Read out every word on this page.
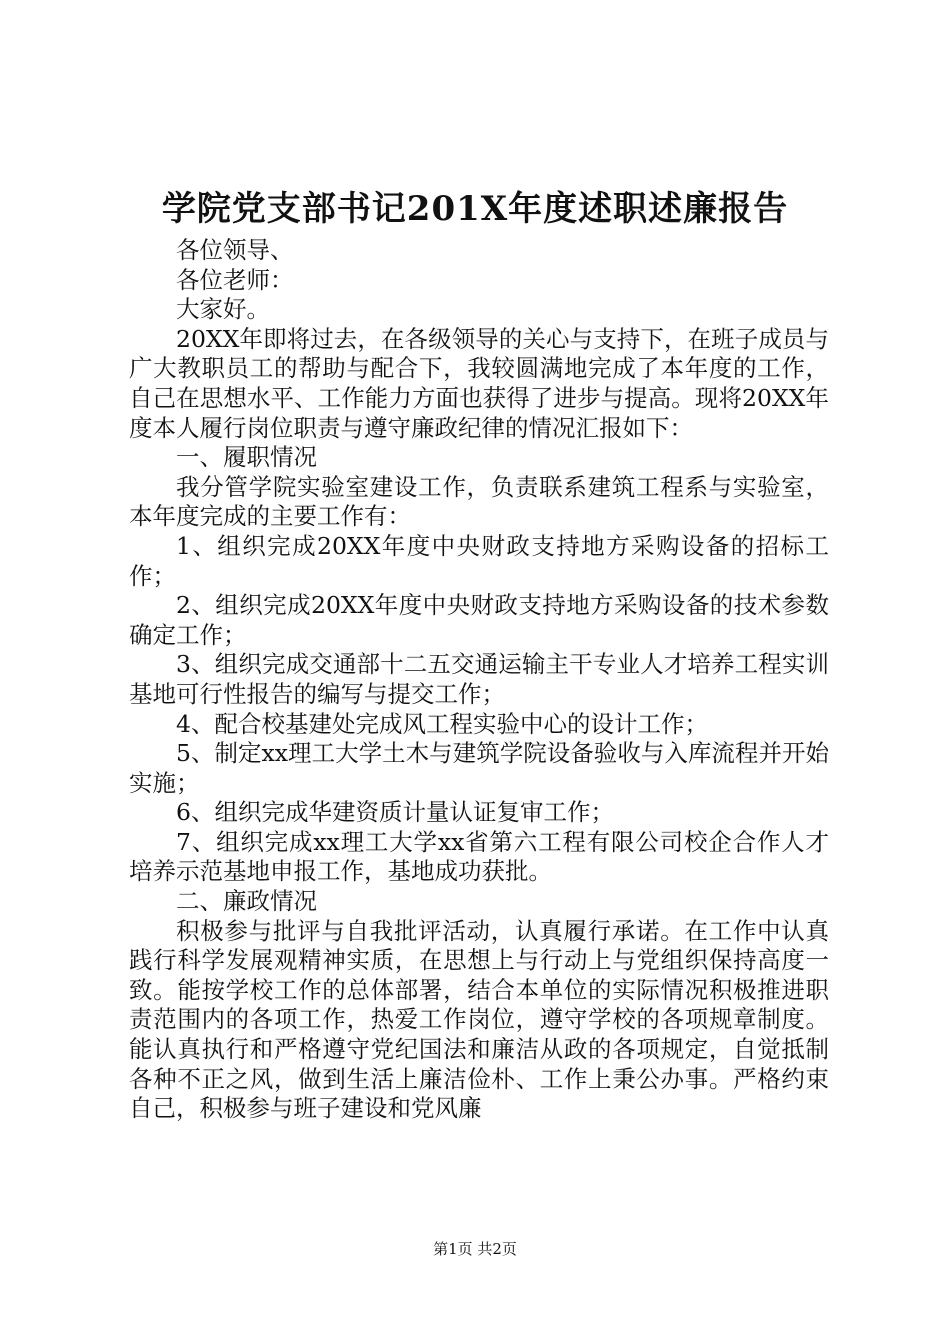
学院党支部书记201X年度述职述廉报告

各位领导、

各位老师：

大家好。

20XX年即将过去，在各级领导的关心与支持下，在班子成员与广大教职员工的帮助与配合下，我较圆满地完成了本年度的工作，自己在思想水平、工作能力方面也获得了进步与提高。现将20XX年度本人履行岗位职责与遵守廉政纪律的情况汇报如下：

一、履职情况

我分管学院实验室建设工作，负责联系建筑工程系与实验室，本年度完成的主要工作有：

1、组织完成20XX年度中央财政支持地方采购设备的招标工作；

2、组织完成20XX年度中央财政支持地方采购设备的技术参数确定工作；

3、组织完成交通部十二五交通运输主干专业人才培养工程实训基地可行性报告的编写与提交工作；

4、配合校基建处完成风工程实验中心的设计工作；

5、制定xx理工大学土木与建筑学院设备验收与入库流程并开始实施；

6、组织完成华建资质计量认证复审工作；

7、组织完成xx理工大学xx省第六工程有限公司校企合作人才培养示范基地申报工作，基地成功获批。

二、廉政情况

积极参与批评与自我批评活动，认真履行承诺。在工作中认真践行科学发展观精神实质，在思想上与行动上与党组织保持高度一致。能按学校工作的总体部署，结合本单位的实际情况积极推进职责范围内的各项工作，热爱工作岗位，遵守学校的各项规章制度。能认真执行和严格遵守党纪国法和廉洁从政的各项规定，自觉抵制各种不正之风，做到生活上廉洁俭朴、工作上秉公办事。严格约束自己，积极参与班子建设和党风廉

第1页 共2页
